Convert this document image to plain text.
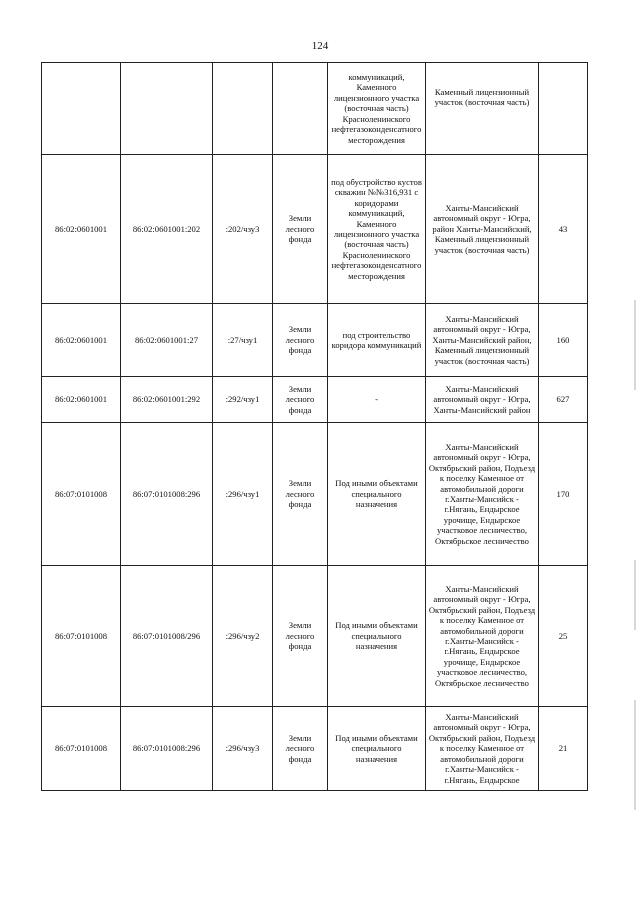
124
				коммуникаций, Каменного лицензионного участка (восточная часть) Красноленинского нефтегазоконденсатного месторождения	Каменный лицензионный участок (восточная часть)	
86:02:0601001	86:02:0601001:202	:202/чзу3	Земли лесного фонда	под обустройство кустов скважин №№316,931 с коридорами коммуникаций, Каменного лицензионного участка (восточная часть) Красноленинского нефтегазоконденсатного месторождения	Ханты-Мансийский автономный округ - Югра, район Ханты-Мансийский, Каменный лицензионный участок (восточная часть)	43
86:02:0601001	86:02:0601001:27	:27/чзу1	Земли лесного фонда	под строительство коридора коммуникаций	Ханты-Мансийский автономный округ - Югра, Ханты-Мансийский район, Каменный лицензионный участок (восточная часть)	160
86:02:0601001	86:02:0601001:292	:292/чзу1	Земли лесного фонда	-	Ханты-Мансийский автономный округ - Югра, Ханты-Мансийский район	627
86:07:0101008	86:07:0101008:296	:296/чзу1	Земли лесного фонда	Под иными объектами специального назначения	Ханты-Мансийский автономный округ - Югра, Октябрьский район, Подъезд к поселку Каменное от автомобильной дороги г.Ханты-Мансийск - г.Нягань, Ендырское урочище, Ендырское участковое лесничество, Октябрьское лесничество	170
86:07:0101008	86:07:0101008/296	:296/чзу2	Земли лесного фонда	Под иными объектами специального назначения	Ханты-Мансийский автономный округ - Югра, Октябрьский район, Подъезд к поселку Каменное от автомобильной дороги г.Ханты-Мансийск - г.Нягань, Ендырское урочище, Ендырское участковое лесничество, Октябрьское лесничество	25
86:07:0101008	86:07:0101008:296	:296/чзу3	Земли лесного фонда	Под иными объектами специального назначения	Ханты-Мансийский автономный округ - Югра, Октябрьский район, Подъезд к поселку Каменное от автомобильной дороги г.Ханты-Мансийск - г.Нягань, Ендырское	21
